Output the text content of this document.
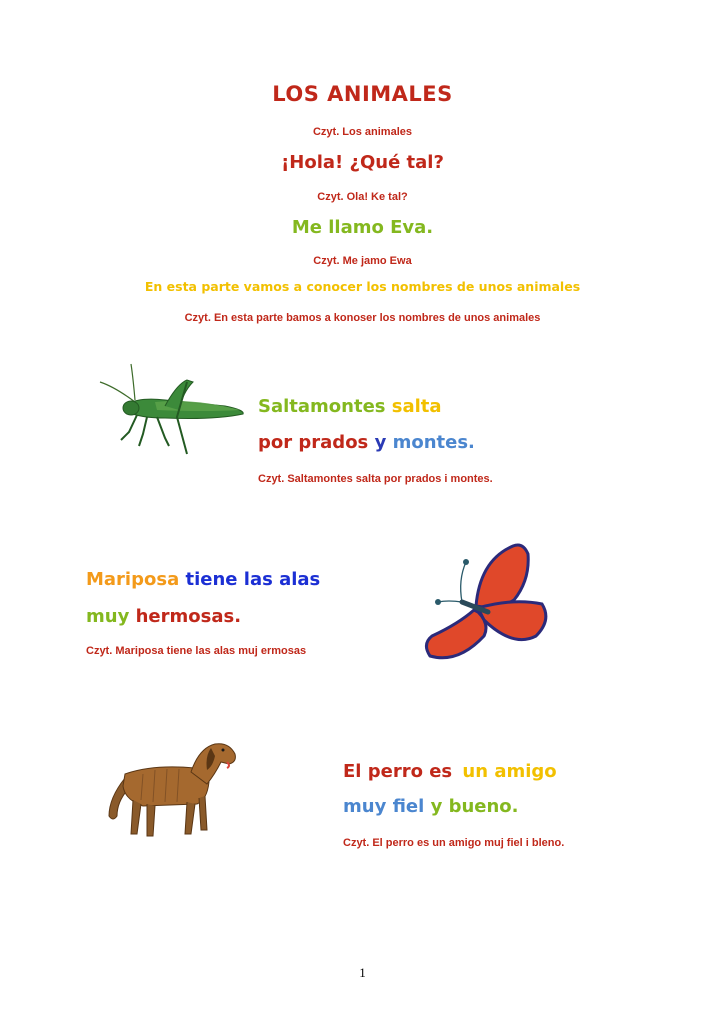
LOS ANIMALES
Czyt. Los animales
¡Hola! ¿Qué tal?
Czyt. Ola! Ke tal?
Me llamo Eva.
Czyt. Me jamo Ewa
En esta parte vamos a conocer los nombres de unos animales
Czyt. En esta parte bamos a konoser los nombres de unos animales
Saltamontes salta
por prados y montes.
Czyt. Saltamontes salta por prados i montes.
Mariposa tiene las alas
muy hermosas.
Czyt. Mariposa tiene las alas muj ermosas
El perro es un amigo
muy fiel y bueno.
Czyt. El perro es un amigo muj fiel i bleno.
1
